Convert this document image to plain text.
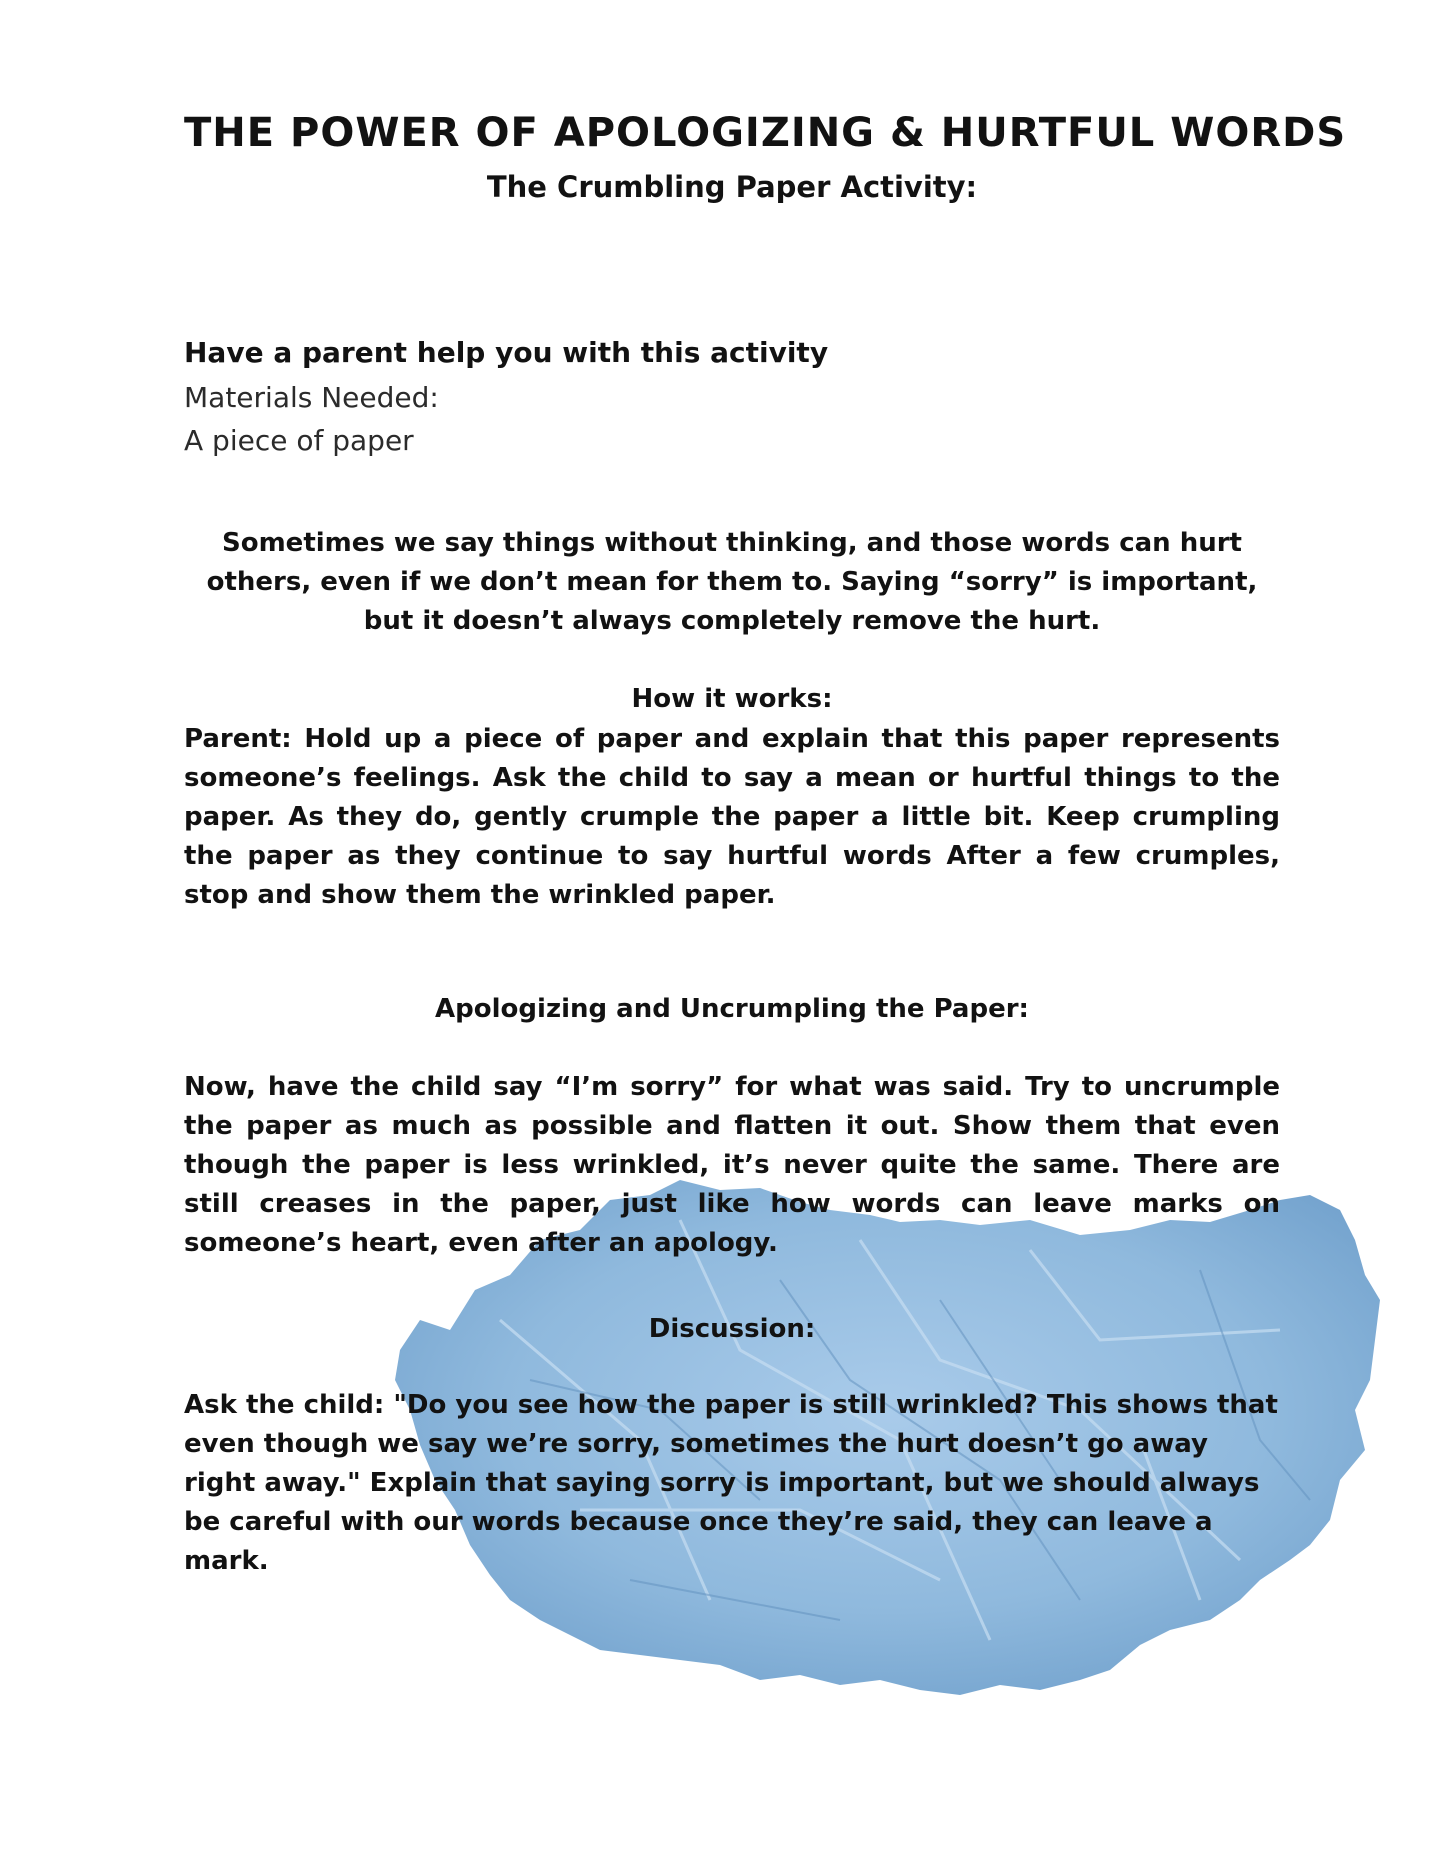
THE POWER OF APOLOGIZING & HURTFUL WORDS
The Crumbling Paper Activity:

Have a parent help you with this activity

Materials Needed:
A piece of paper

Sometimes we say things without thinking, and those words can hurt others, even if we don’t mean for them to. Saying “sorry” is important, but it doesn’t always completely remove the hurt.

How it works:

Parent: Hold up a piece of paper and explain that this paper represents someone’s feelings. Ask the child to say a mean or hurtful things to the paper. As they do, gently crumple the paper a little bit. Keep crumpling the paper as they continue to say hurtful words After a few crumples, stop and show them the wrinkled paper.

Apologizing and Uncrumpling the Paper:

Now, have the child say “I’m sorry” for what was said. Try to uncrumple the paper as much as possible and flatten it out. Show them that even though the paper is less wrinkled, it’s never quite the same. There are still creases in the paper, just like how words can leave marks on someone’s heart, even after an apology.

Discussion:

Ask the child: "Do you see how the paper is still wrinkled? This shows that even though we say we’re sorry, sometimes the hurt doesn’t go away right away." Explain that saying sorry is important, but we should always be careful with our words because once they’re said, they can leave a mark.
